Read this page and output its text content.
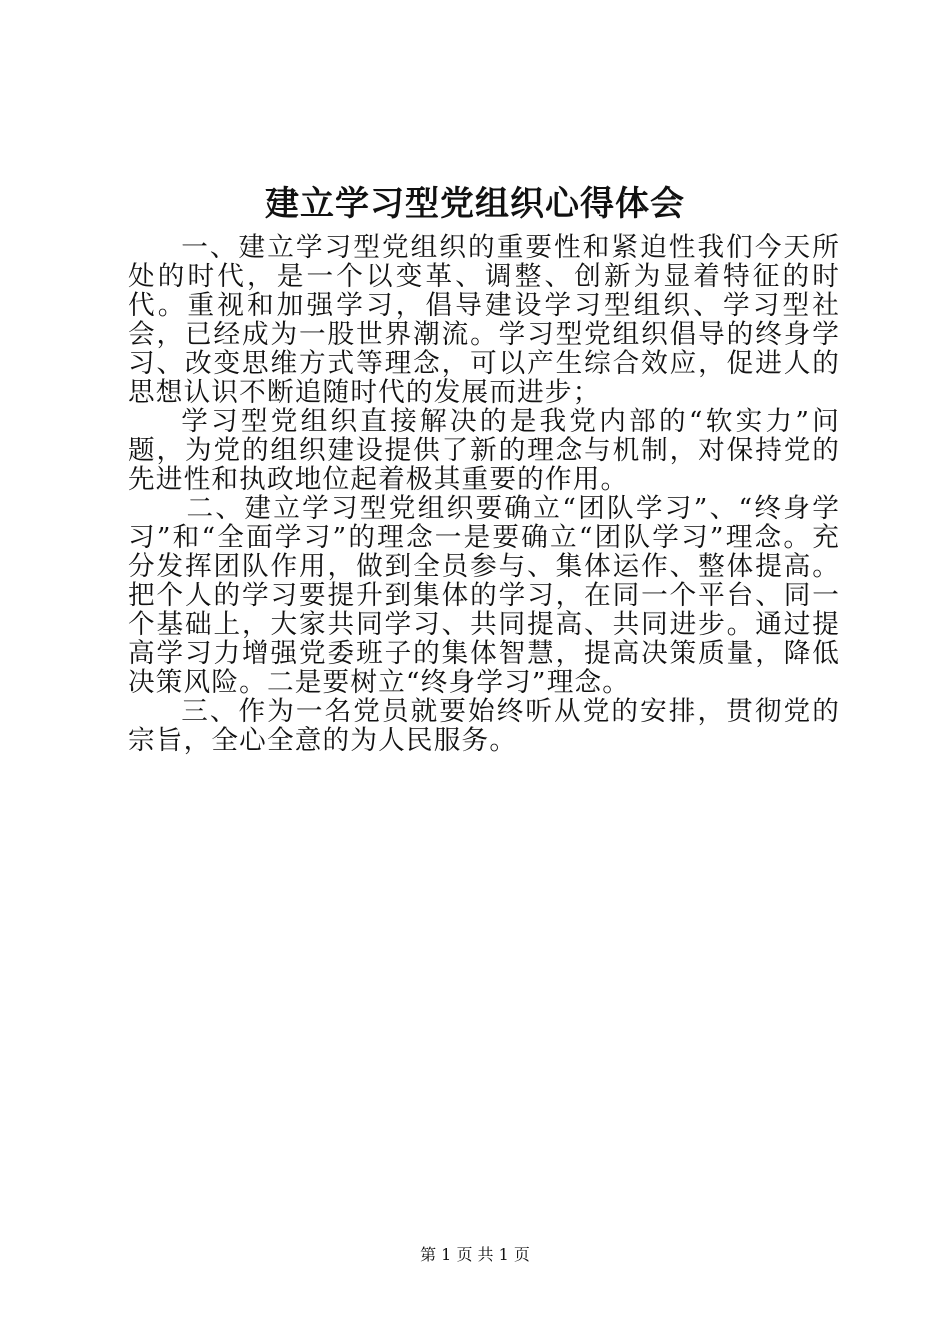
建立学习型党组织心得体会

一、建立学习型党组织的重要性和紧迫性我们今天所处的时代，是一个以变革、调整、创新为显着特征的时代。重视和加强学习，倡导建设学习型组织、学习型社会，已经成为一股世界潮流。学习型党组织倡导的终身学习、改变思维方式等理念，可以产生综合效应，促进人的思想认识不断追随时代的发展而进步；

学习型党组织直接解决的是我党内部的“软实力”问题，为党的组织建设提供了新的理念与机制，对保持党的先进性和执政地位起着极其重要的作用。

二、建立学习型党组织要确立“团队学习”、“终身学习”和“全面学习”的理念一是要确立“团队学习”理念。充分发挥团队作用，做到全员参与、集体运作、整体提高。把个人的学习要提升到集体的学习，在同一个平台、同一个基础上，大家共同学习、共同提高、共同进步。通过提高学习力增强党委班子的集体智慧，提高决策质量，降低决策风险。二是要树立“终身学习”理念。

三、作为一名党员就要始终听从党的安排，贯彻党的宗旨，全心全意的为人民服务。

第 1 页 共 1 页
